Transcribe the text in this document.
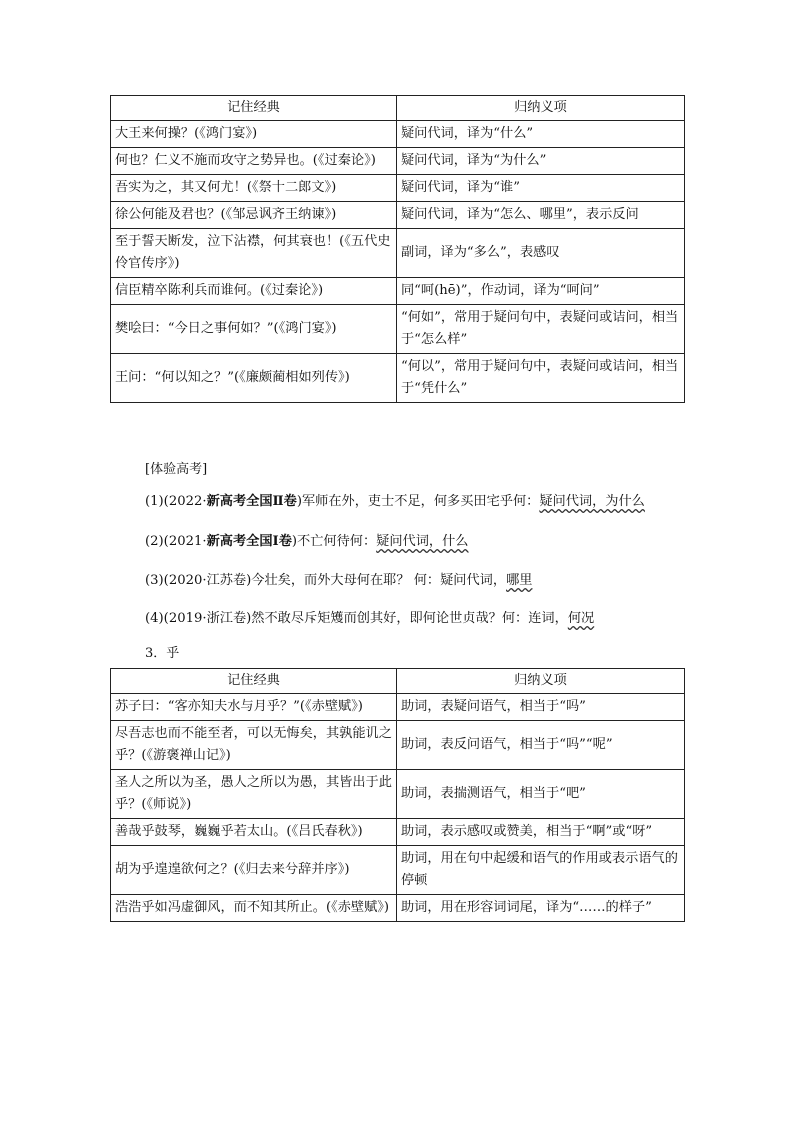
记住经典	归纳义项
大王来何操？(《鸿门宴》)	疑问代词，译为“什么”
何也？仁义不施而攻守之势异也。(《过秦论》)	疑问代词，译为“为什么”
吾实为之，其又何尤！(《祭十二郎文》)	疑问代词，译为“谁”
徐公何能及君也？(《邹忌讽齐王纳谏》)	疑问代词，译为“怎么、哪里”，表示反问
至于誓天断发，泣下沾襟，何其衰也！(《五代史伶官传序》)	副词，译为“多么”，表感叹
信臣精卒陈利兵而谁何。(《过秦论》)	同“呵(hē)”，作动词，译为“呵问”
樊哙曰：“今日之事何如？”(《鸿门宴》)	“何如”，常用于疑问句中，表疑问或诘问，相当于“怎么样”
王问：“何以知之？”(《廉颇蔺相如列传》)	“何以”，常用于疑问句中，表疑问或诘问，相当于“凭什么”
[体验高考]
(1)(2022·新高考全国Ⅱ卷)军师在外，吏士不足，何多买田宅乎何：疑问代词，为什么
(2)(2021·新高考全国Ⅰ卷)不亡何待何：疑问代词，什么
(3)(2020·江苏卷)今壮矣，而外大母何在耶？ 何：疑问代词，哪里
(4)(2019·浙江卷)然不敢尽斥矩矱而创其好，即何论世贞哉？何：连词，何况
3．乎
记住经典	归纳义项
苏子曰：“客亦知夫水与月乎？”(《赤壁赋》)	助词，表疑问语气，相当于“吗”
尽吾志也而不能至者，可以无悔矣，其孰能讥之乎？(《游褒禅山记》)	助词，表反问语气，相当于“吗”“呢”
圣人之所以为圣，愚人之所以为愚，其皆出于此乎？(《师说》)	助词，表揣测语气，相当于“吧”
善哉乎鼓琴，巍巍乎若太山。(《吕氏春秋》)	助词，表示感叹或赞美，相当于“啊”或“呀”
胡为乎遑遑欲何之？(《归去来兮辞并序》)	助词，用在句中起缓和语气的作用或表示语气的停顿
浩浩乎如冯虚御风，而不知其所止。(《赤壁赋》)	助词，用在形容词词尾，译为“……的样子”
